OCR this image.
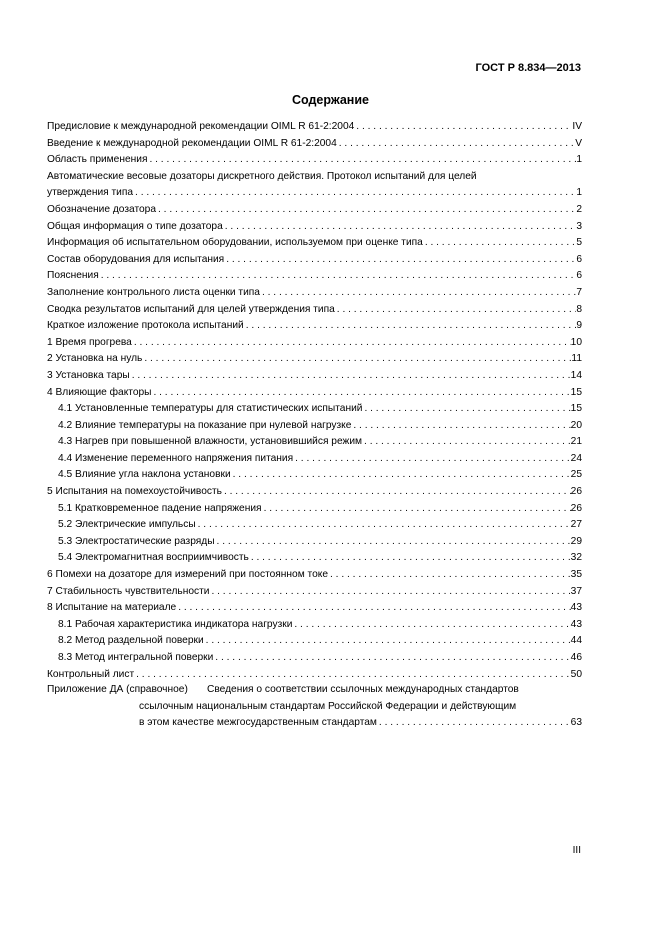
ГОСТ Р 8.834—2013

Содержание
Предисловие к международной рекомендации OIML R 61-2:2004 . . .	IV
Введение к международной рекомендации OIML R 61-2:2004 . . .	V
Область применения . . .	1
Автоматические весовые дозаторы дискретного действия. Протокол испытаний для целей
утверждения типа . . .	1
Обозначение дозатора . . .	2
Общая информация о типе дозатора . . .	3
Информация об испытательном оборудовании, используемом при оценке типа . . .	5
Состав оборудования для испытания . . .	6
Пояснения . . .	6
Заполнение контрольного листа оценки типа . . .	7
Сводка результатов испытаний для целей утверждения типа . . .	8
Краткое изложение протокола испытаний . . .	9
1 Время прогрева . . .	10
2 Установка на нуль . . .	11
3 Установка тары . . .	14
4 Влияющие факторы . . .	15
4.1 Установленные температуры для статистических испытаний . . .	15
4.2 Влияние температуры на показание при нулевой нагрузке . . .	20
4.3 Нагрев при повышенной влажности, установившийся режим . . .	21
4.4 Изменение переменного напряжения питания . . .	24
4.5 Влияние угла наклона установки . . .	25
5 Испытания на помехоустойчивость . . .	26
5.1 Кратковременное падение напряжения . . .	26
5.2 Электрические импульсы . . .	27
5.3 Электростатические разряды . . .	29
5.4 Электромагнитная восприимчивость . . .	32
6 Помехи на дозаторе для измерений при постоянном токе . . .	35
7 Стабильность чувствительности . . .	37
8 Испытание на материале . . .	43
8.1 Рабочая характеристика индикатора нагрузки . . .	43
8.2 Метод раздельной поверки . . .	44
8.3 Метод интегральной поверки . . .	46
Контрольный лист . . .	50
Приложение ДА (справочное)	Сведения о соответствии ссылочных международных стандартов
ссылочным национальным стандартам Российской Федерации и действующим
в этом качестве межгосударственным стандартам . . .	63

III
